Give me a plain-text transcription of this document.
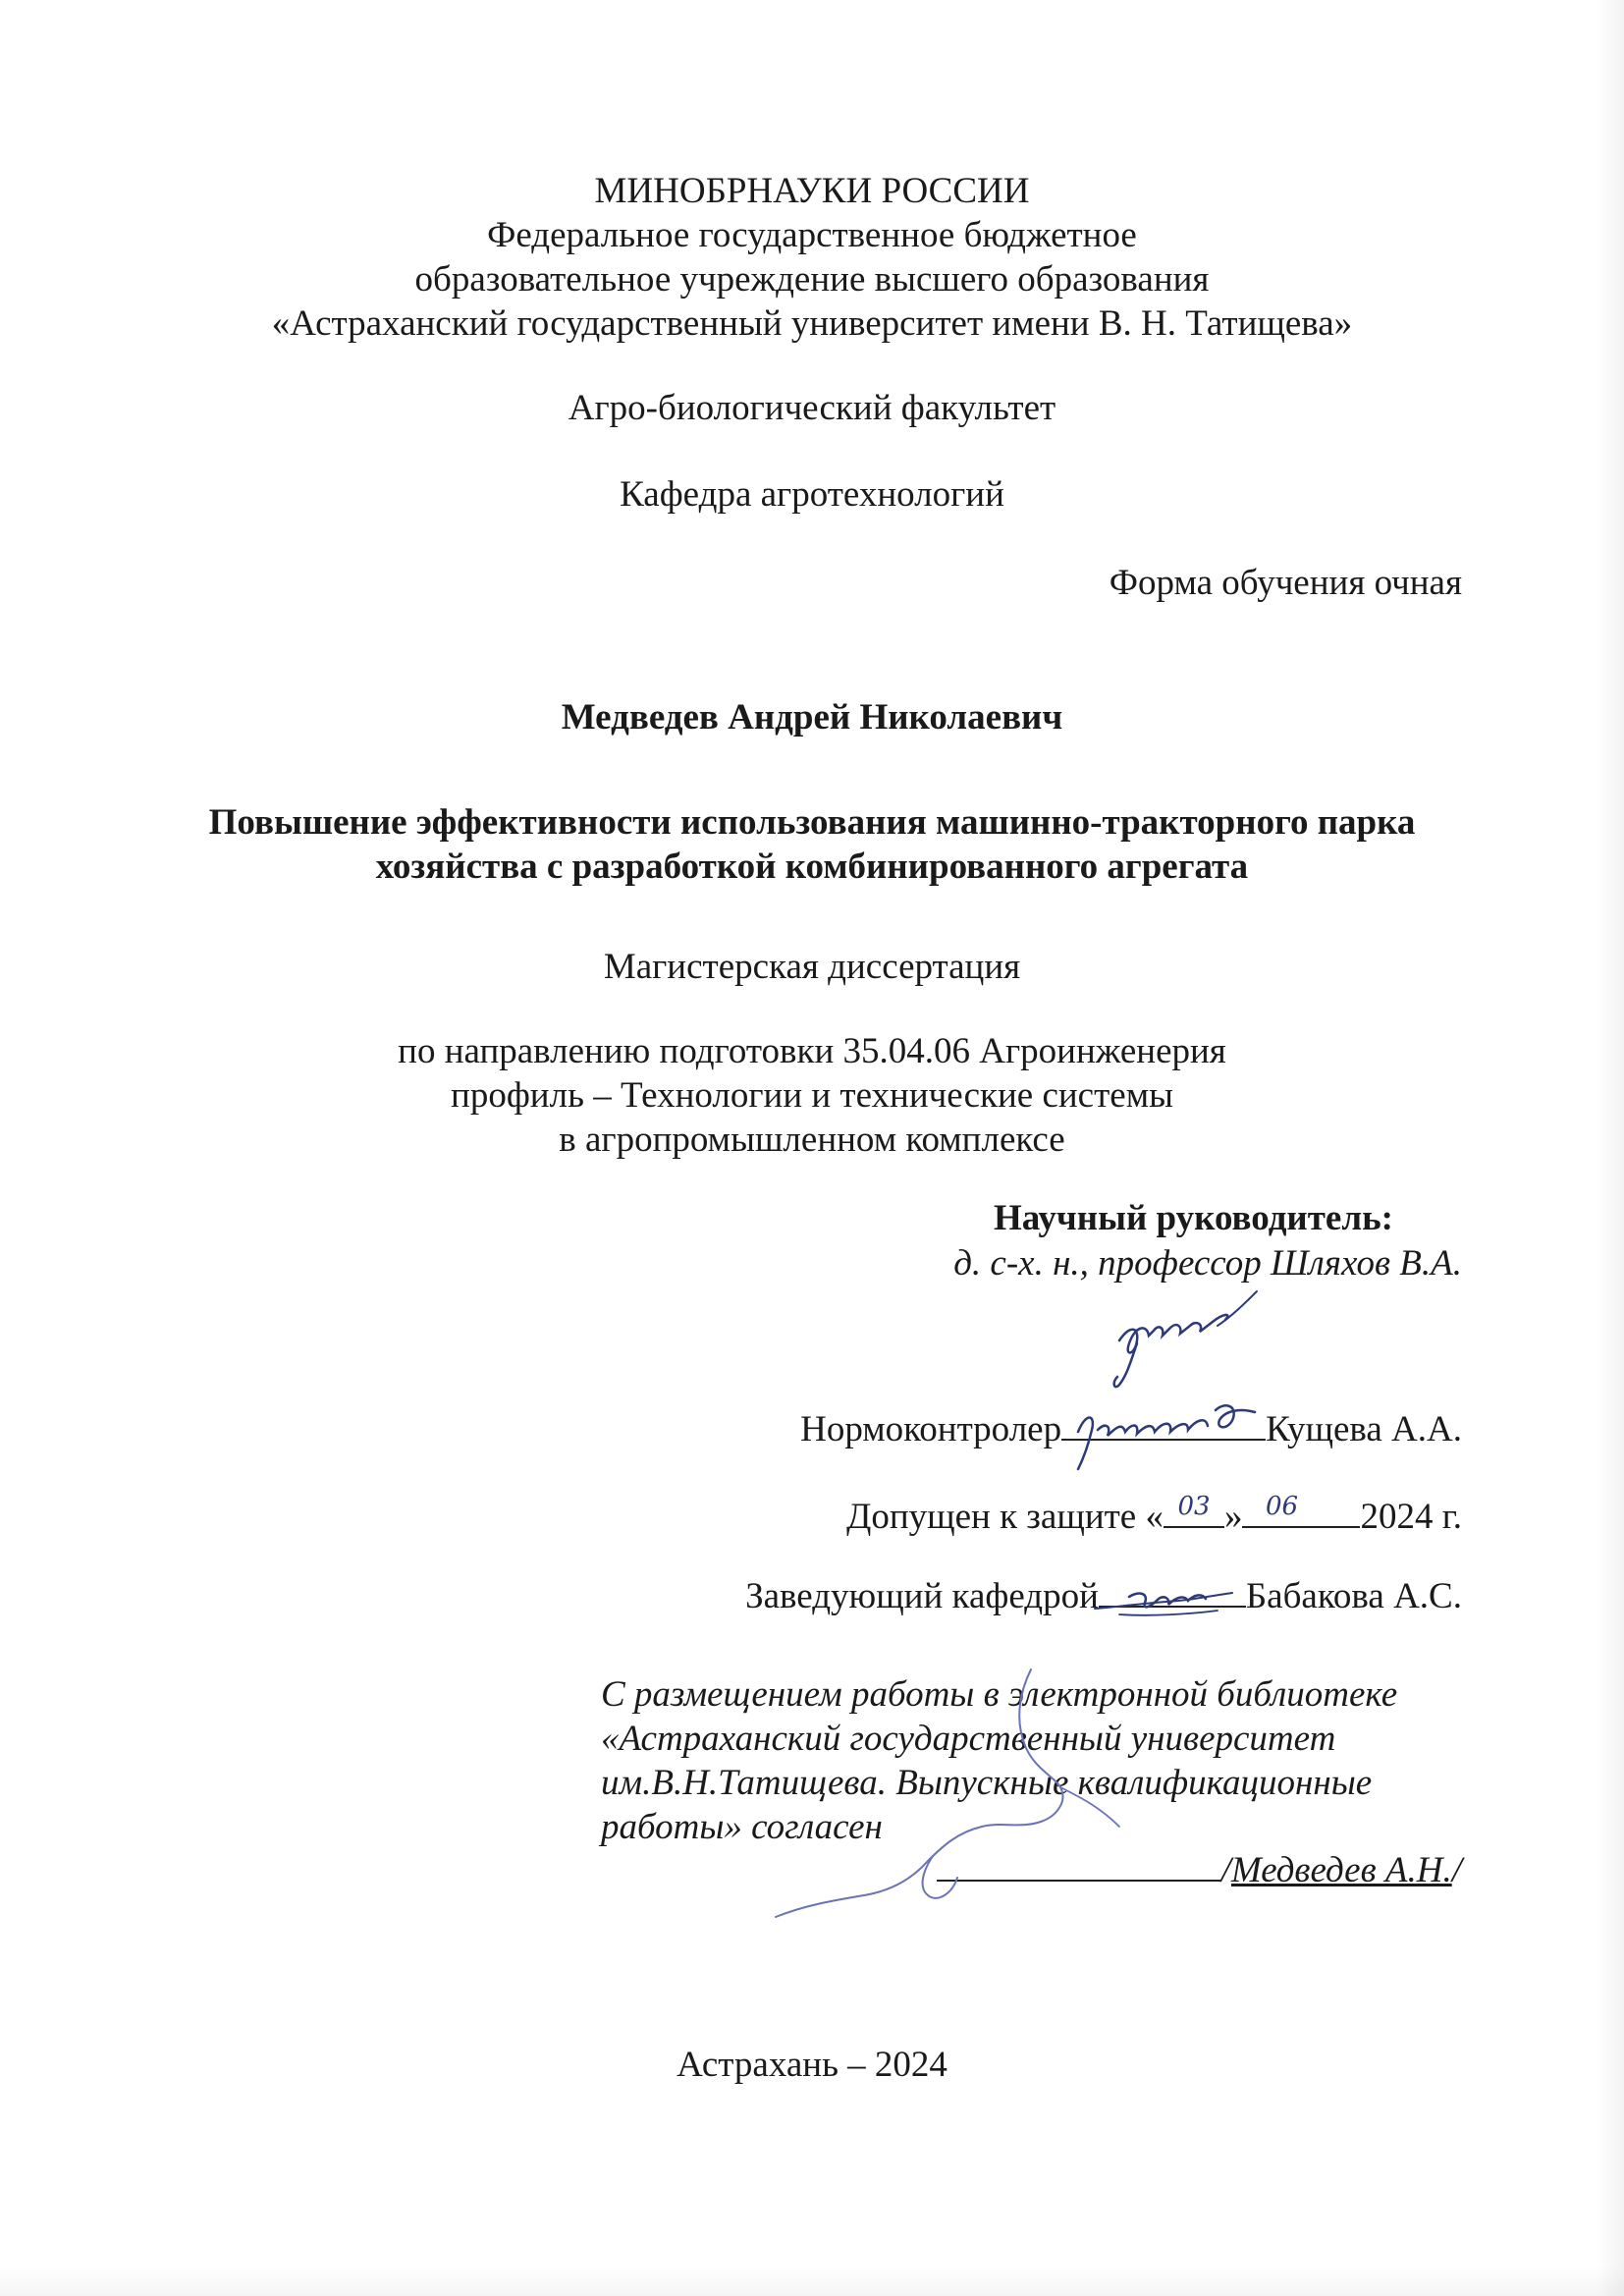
МИНОБРНАУКИ РОССИИ
Федеральное государственное бюджетное
образовательное учреждение высшего образования
«Астраханский государственный университет имени В. Н. Татищева»
Агро-биологический факультет
Кафедра агротехнологий
Форма обучения очная
Медведев Андрей Николаевич
Повышение эффективности использования машинно-тракторного парка
хозяйства с разработкой комбинированного агрегата
Магистерская диссертация
по направлению подготовки 35.04.06 Агроинженерия
профиль – Технологии и технические системы
в агропромышленном комплексе
Научный руководитель:
д. с-х. н., профессор Шляхов В.А.
Нормоконтролер	Кущева А.А.
Допущен к защите « 03 » 06	2024 г.
Заведующий кафедрой	Бабакова А.С.
С размещением работы в электронной библиотеке
«Астраханский государственный университет
им.В.Н.Татищева. Выпускные квалификационные
работы» согласен
/Медведев А.Н./
Астрахань – 2024
